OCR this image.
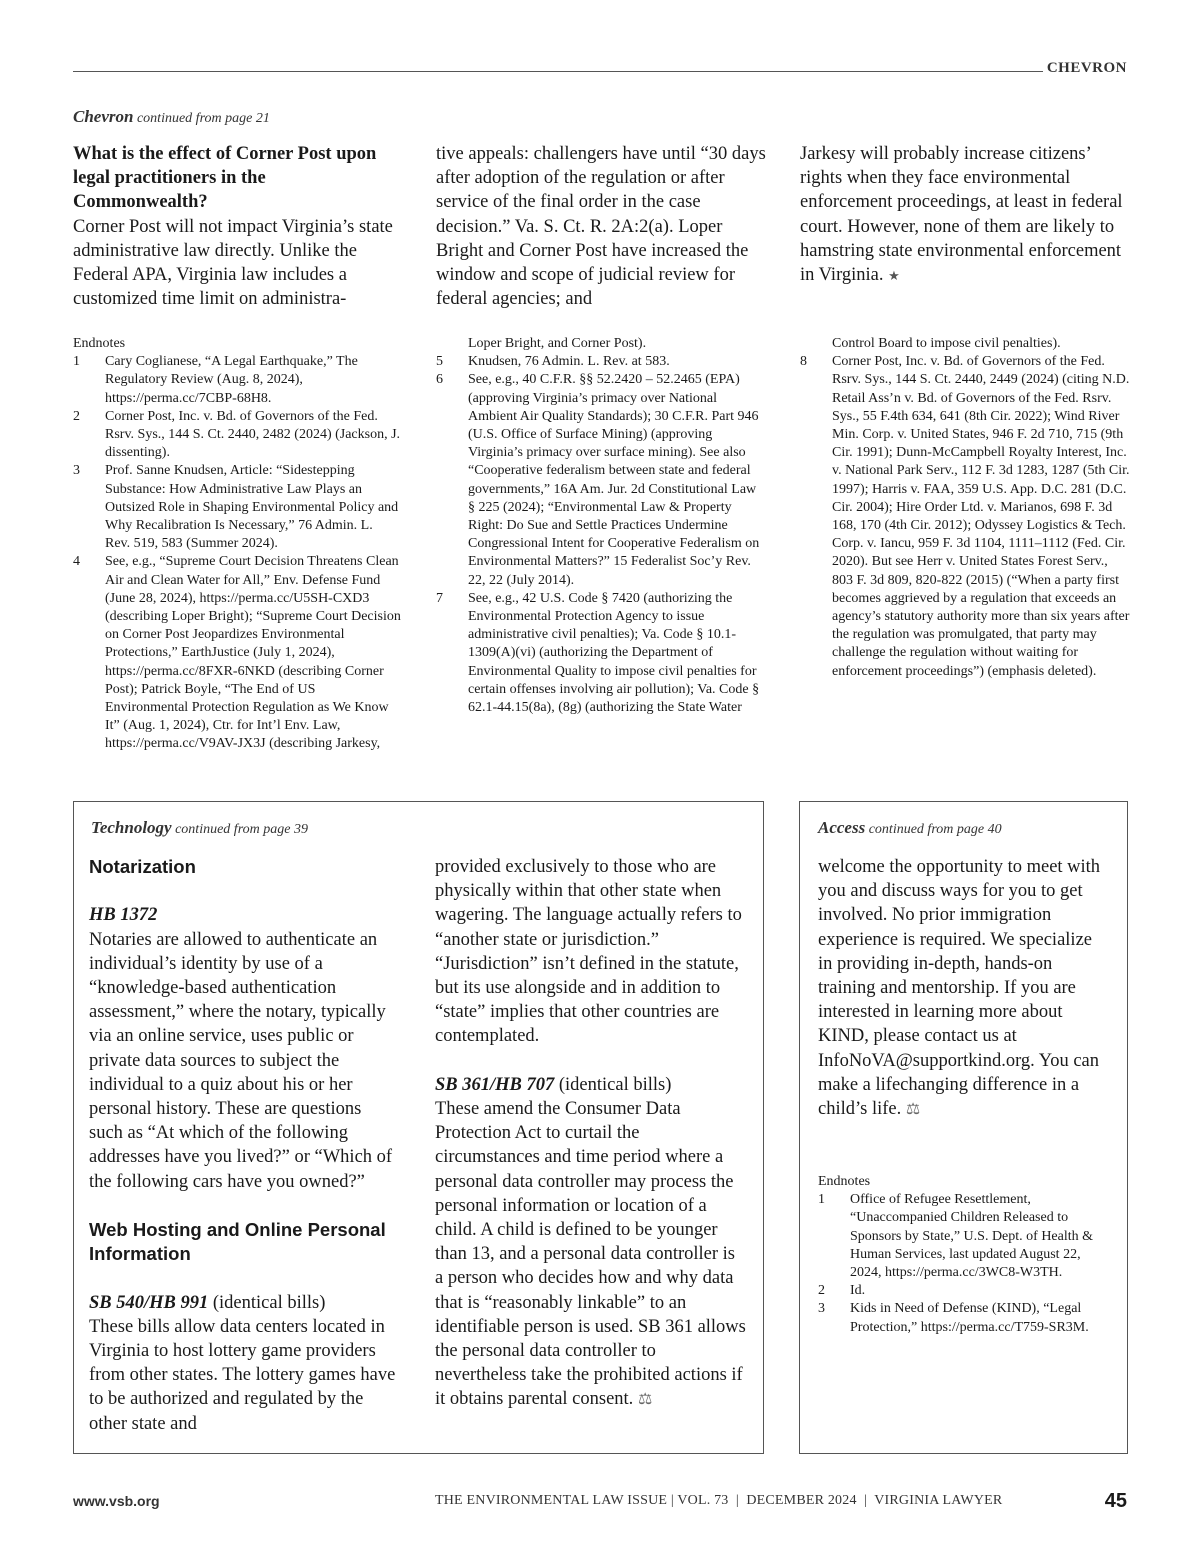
CHEVRON
Chevron continued from page 21
What is the effect of Corner Post upon legal practitioners in the Commonwealth?

Corner Post will not impact Virginia’s state administrative law directly. Unlike the Federal APA, Virginia law includes a customized time limit on administra-

tive appeals: challengers have until “30 days after adoption of the regulation or after service of the final order in the case decision.” Va. S. Ct. R. 2A:2(a). Loper Bright and Corner Post have increased the window and scope of judicial review for federal agencies; and

Jarkesy will probably increase citizens’ rights when they face environmental enforcement proceedings, at least in federal court. However, none of them are likely to hamstring state environmental enforcement in Virginia. ★

Endnotes

1 Cary Coglianese, “A Legal Earthquake,” The Regulatory Review (Aug. 8, 2024), https://perma.cc/7CBP-68H8.

2 Corner Post, Inc. v. Bd. of Governors of the Fed. Rsrv. Sys., 144 S. Ct. 2440, 2482 (2024) (Jackson, J. dissenting).

3 Prof. Sanne Knudsen, Article: “Sidestepping Substance: How Administrative Law Plays an Outsized Role in Shaping Environmental Policy and Why Recalibration Is Necessary,” 76 Admin. L. Rev. 519, 583 (Summer 2024).

4 See, e.g., “Supreme Court Decision Threatens Clean Air and Clean Water for All,” Env. Defense Fund (June 28, 2024), https://perma.cc/U5SH-CXD3 (describing Loper Bright); “Supreme Court Decision on Corner Post Jeopardizes Environmental Protections,” EarthJustice (July 1, 2024), https://perma.cc/8FXR-6NKD (describing Corner Post); Patrick Boyle, “The End of US Environmental Protection Regulation as We Know It” (Aug. 1, 2024), Ctr. for Int’l Env. Law, https://perma.cc/V9AV-JX3J (describing Jarkesy,

Loper Bright, and Corner Post).

5 Knudsen, 76 Admin. L. Rev. at 583.

6 See, e.g., 40 C.F.R. §§ 52.2420 – 52.2465 (EPA) (approving Virginia’s primacy over National Ambient Air Quality Standards); 30 C.F.R. Part 946 (U.S. Office of Surface Mining) (approving Virginia’s primacy over surface mining). See also “Cooperative federalism between state and federal governments,” 16A Am. Jur. 2d Constitutional Law § 225 (2024); “Environmental Law & Property Right: Do Sue and Settle Practices Undermine Congressional Intent for Cooperative Federalism on Environmental Matters?” 15 Federalist Soc’y Rev. 22, 22 (July 2014).

7 See, e.g., 42 U.S. Code § 7420 (authorizing the Environmental Protection Agency to issue administrative civil penalties); Va. Code § 10.1-1309(A)(vi) (authorizing the Department of Environmental Quality to impose civil penalties for certain offenses involving air pollution); Va. Code § 62.1-44.15(8a), (8g) (authorizing the State Water

Control Board to impose civil penalties).

8 Corner Post, Inc. v. Bd. of Governors of the Fed. Rsrv. Sys., 144 S. Ct. 2440, 2449 (2024) (citing N.D. Retail Ass’n v. Bd. of Governors of the Fed. Rsrv. Sys., 55 F.4th 634, 641 (8th Cir. 2022); Wind River Min. Corp. v. United States, 946 F. 2d 710, 715 (9th Cir. 1991); Dunn-McCampbell Royalty Interest, Inc. v. National Park Serv., 112 F. 3d 1283, 1287 (5th Cir. 1997); Harris v. FAA, 359 U.S. App. D.C. 281 (D.C. Cir. 2004); Hire Order Ltd. v. Marianos, 698 F. 3d 168, 170 (4th Cir. 2012); Odyssey Logistics & Tech. Corp. v. Iancu, 959 F. 3d 1104, 1111–1112 (Fed. Cir. 2020). But see Herr v. United States Forest Serv., 803 F. 3d 809, 820-822 (2015) (“When a party first becomes aggrieved by a regulation that exceeds an agency’s statutory authority more than six years after the regulation was promulgated, that party may challenge the regulation without waiting for enforcement proceedings”) (emphasis deleted).

Technology continued from page 39

Notarization

HB 1372

Notaries are allowed to authenticate an individual’s identity by use of a “knowledge-based authentication assessment,” where the notary, typically via an online service, uses public or private data sources to subject the individual to a quiz about his or her personal history. These are questions such as “At which of the following addresses have you lived?” or “Which of the following cars have you owned?”

Web Hosting and Online Personal Information

SB 540/HB 991 (identical bills)

These bills allow data centers located in Virginia to host lottery game providers from other states. The lottery games have to be authorized and regulated by the other state and

provided exclusively to those who are physically within that other state when wagering. The language actually refers to “another state or jurisdiction.” “Jurisdiction” isn’t defined in the statute, but its use alongside and in addition to “state” implies that other countries are contemplated.

SB 361/HB 707 (identical bills)

These amend the Consumer Data Protection Act to curtail the circumstances and time period where a personal data controller may process the personal information or location of a child. A child is defined to be younger than 13, and a personal data controller is a person who decides how and why data that is “reasonably linkable” to an identifiable person is used. SB 361 allows the personal data controller to nevertheless take the prohibited actions if it obtains parental consent. ⚖

Access continued from page 40

welcome the opportunity to meet with you and discuss ways for you to get involved. No prior immigration experience is required. We specialize in providing in-depth, hands-on training and mentorship. If you are interested in learning more about KIND, please contact us at InfoNoVA@supportkind.org. You can make a lifechanging difference in a child’s life. ⚖

Endnotes

1 Office of Refugee Resettlement, “Unaccompanied Children Released to Sponsors by State,” U.S. Dept. of Health & Human Services, last updated August 22, 2024, https://perma.cc/3WC8-W3TH.

2 Id.

3 Kids in Need of Defense (KIND), “Legal Protection,” https://perma.cc/T759-SR3M.

www.vsb.org	THE ENVIRONMENTAL LAW ISSUE | VOL. 73  |  DECEMBER 2024  |  VIRGINIA LAWYER	45
